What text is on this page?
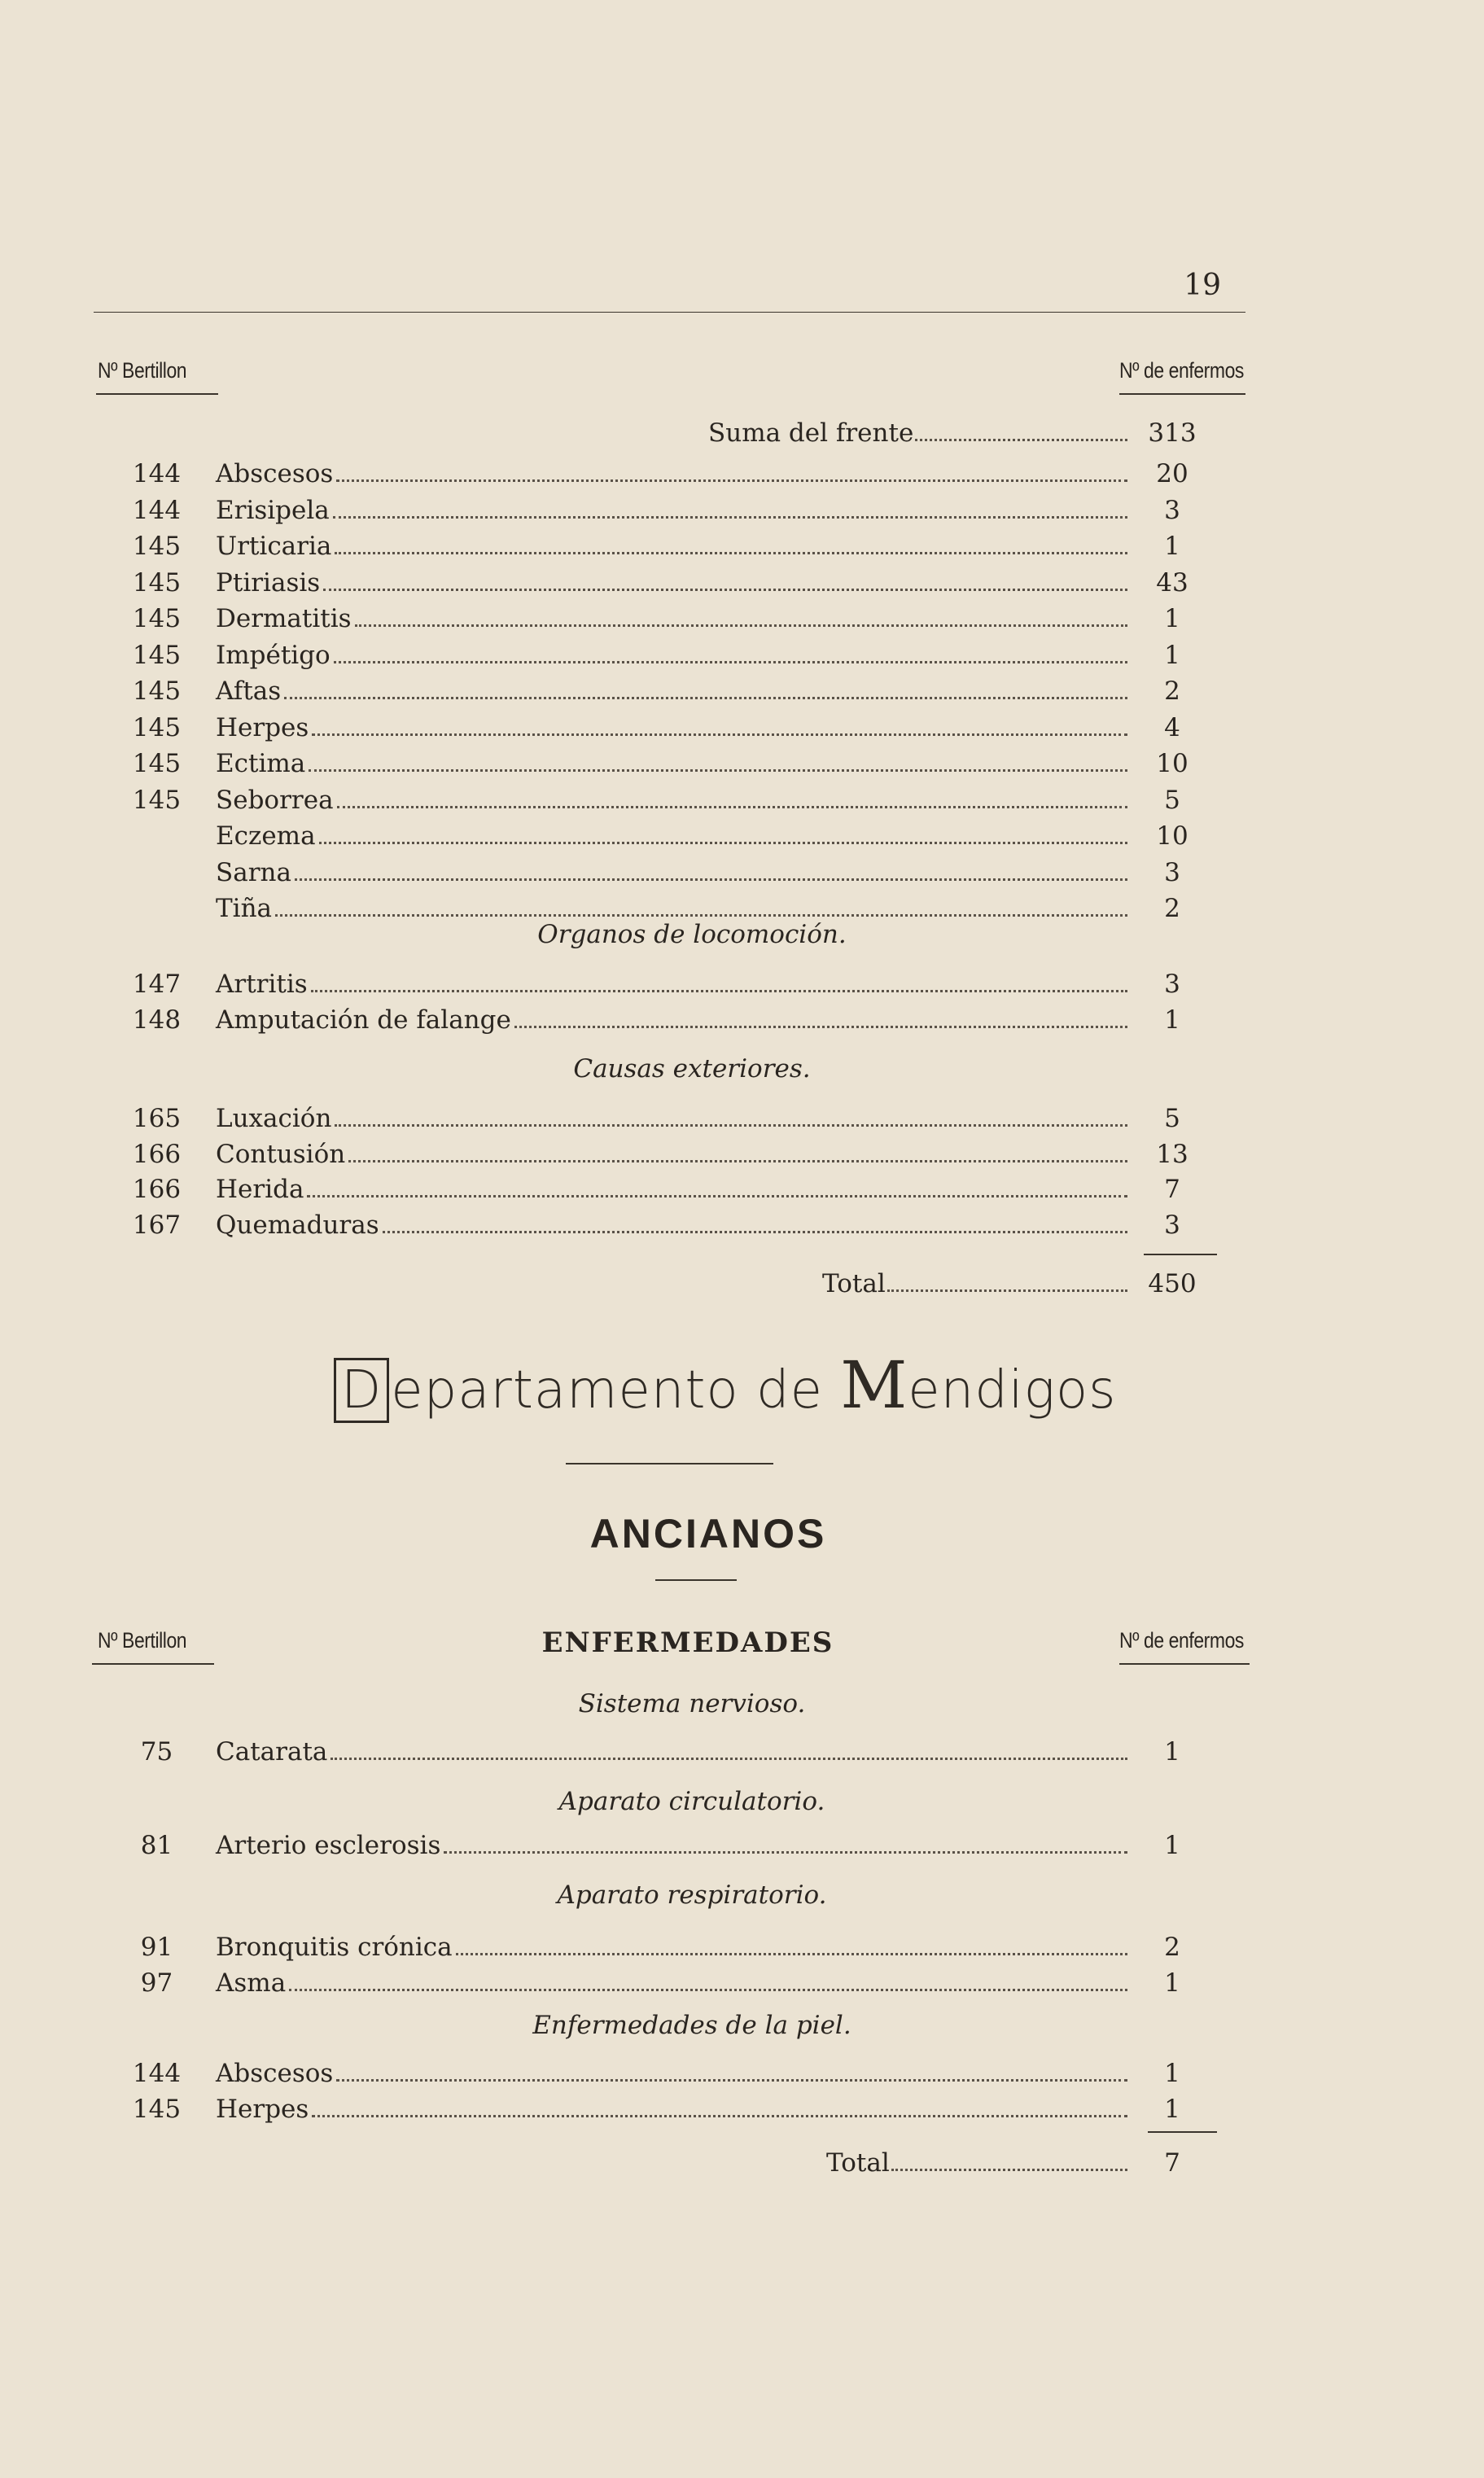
19
Nº Bertillon	Nº de enfermos
Suma del frente	313
144	Abscesos	20
144	Erisipela	3
145	Urticaria	1
145	Ptiriasis	43
145	Dermatitis	1
145	Impétigo	1
145	Aftas	2
145	Herpes	4
145	Ectima	10
145	Seborrea	5
Eczema	10
Sarna	3
Tiña	2
Organos de locomoción.
147	Artritis	3
148	Amputación de falange	1
Causas exteriores.
165	Luxación	5
166	Contusión	13
166	Herida	7
167	Quemaduras	3
Total	450
D epartamento de Mendigos
ANCIANOS
Nº Bertillon	ENFERMEDADES	Nº de enfermos
Sistema nervioso.
75	Catarata	1
Aparato circulatorio.
81	Arterio esclerosis	1
Aparato respiratorio.
91	Bronquitis crónica	2
97	Asma	1
Enfermedades de la piel.
144	Abscesos	1
145	Herpes	1
Total	7
